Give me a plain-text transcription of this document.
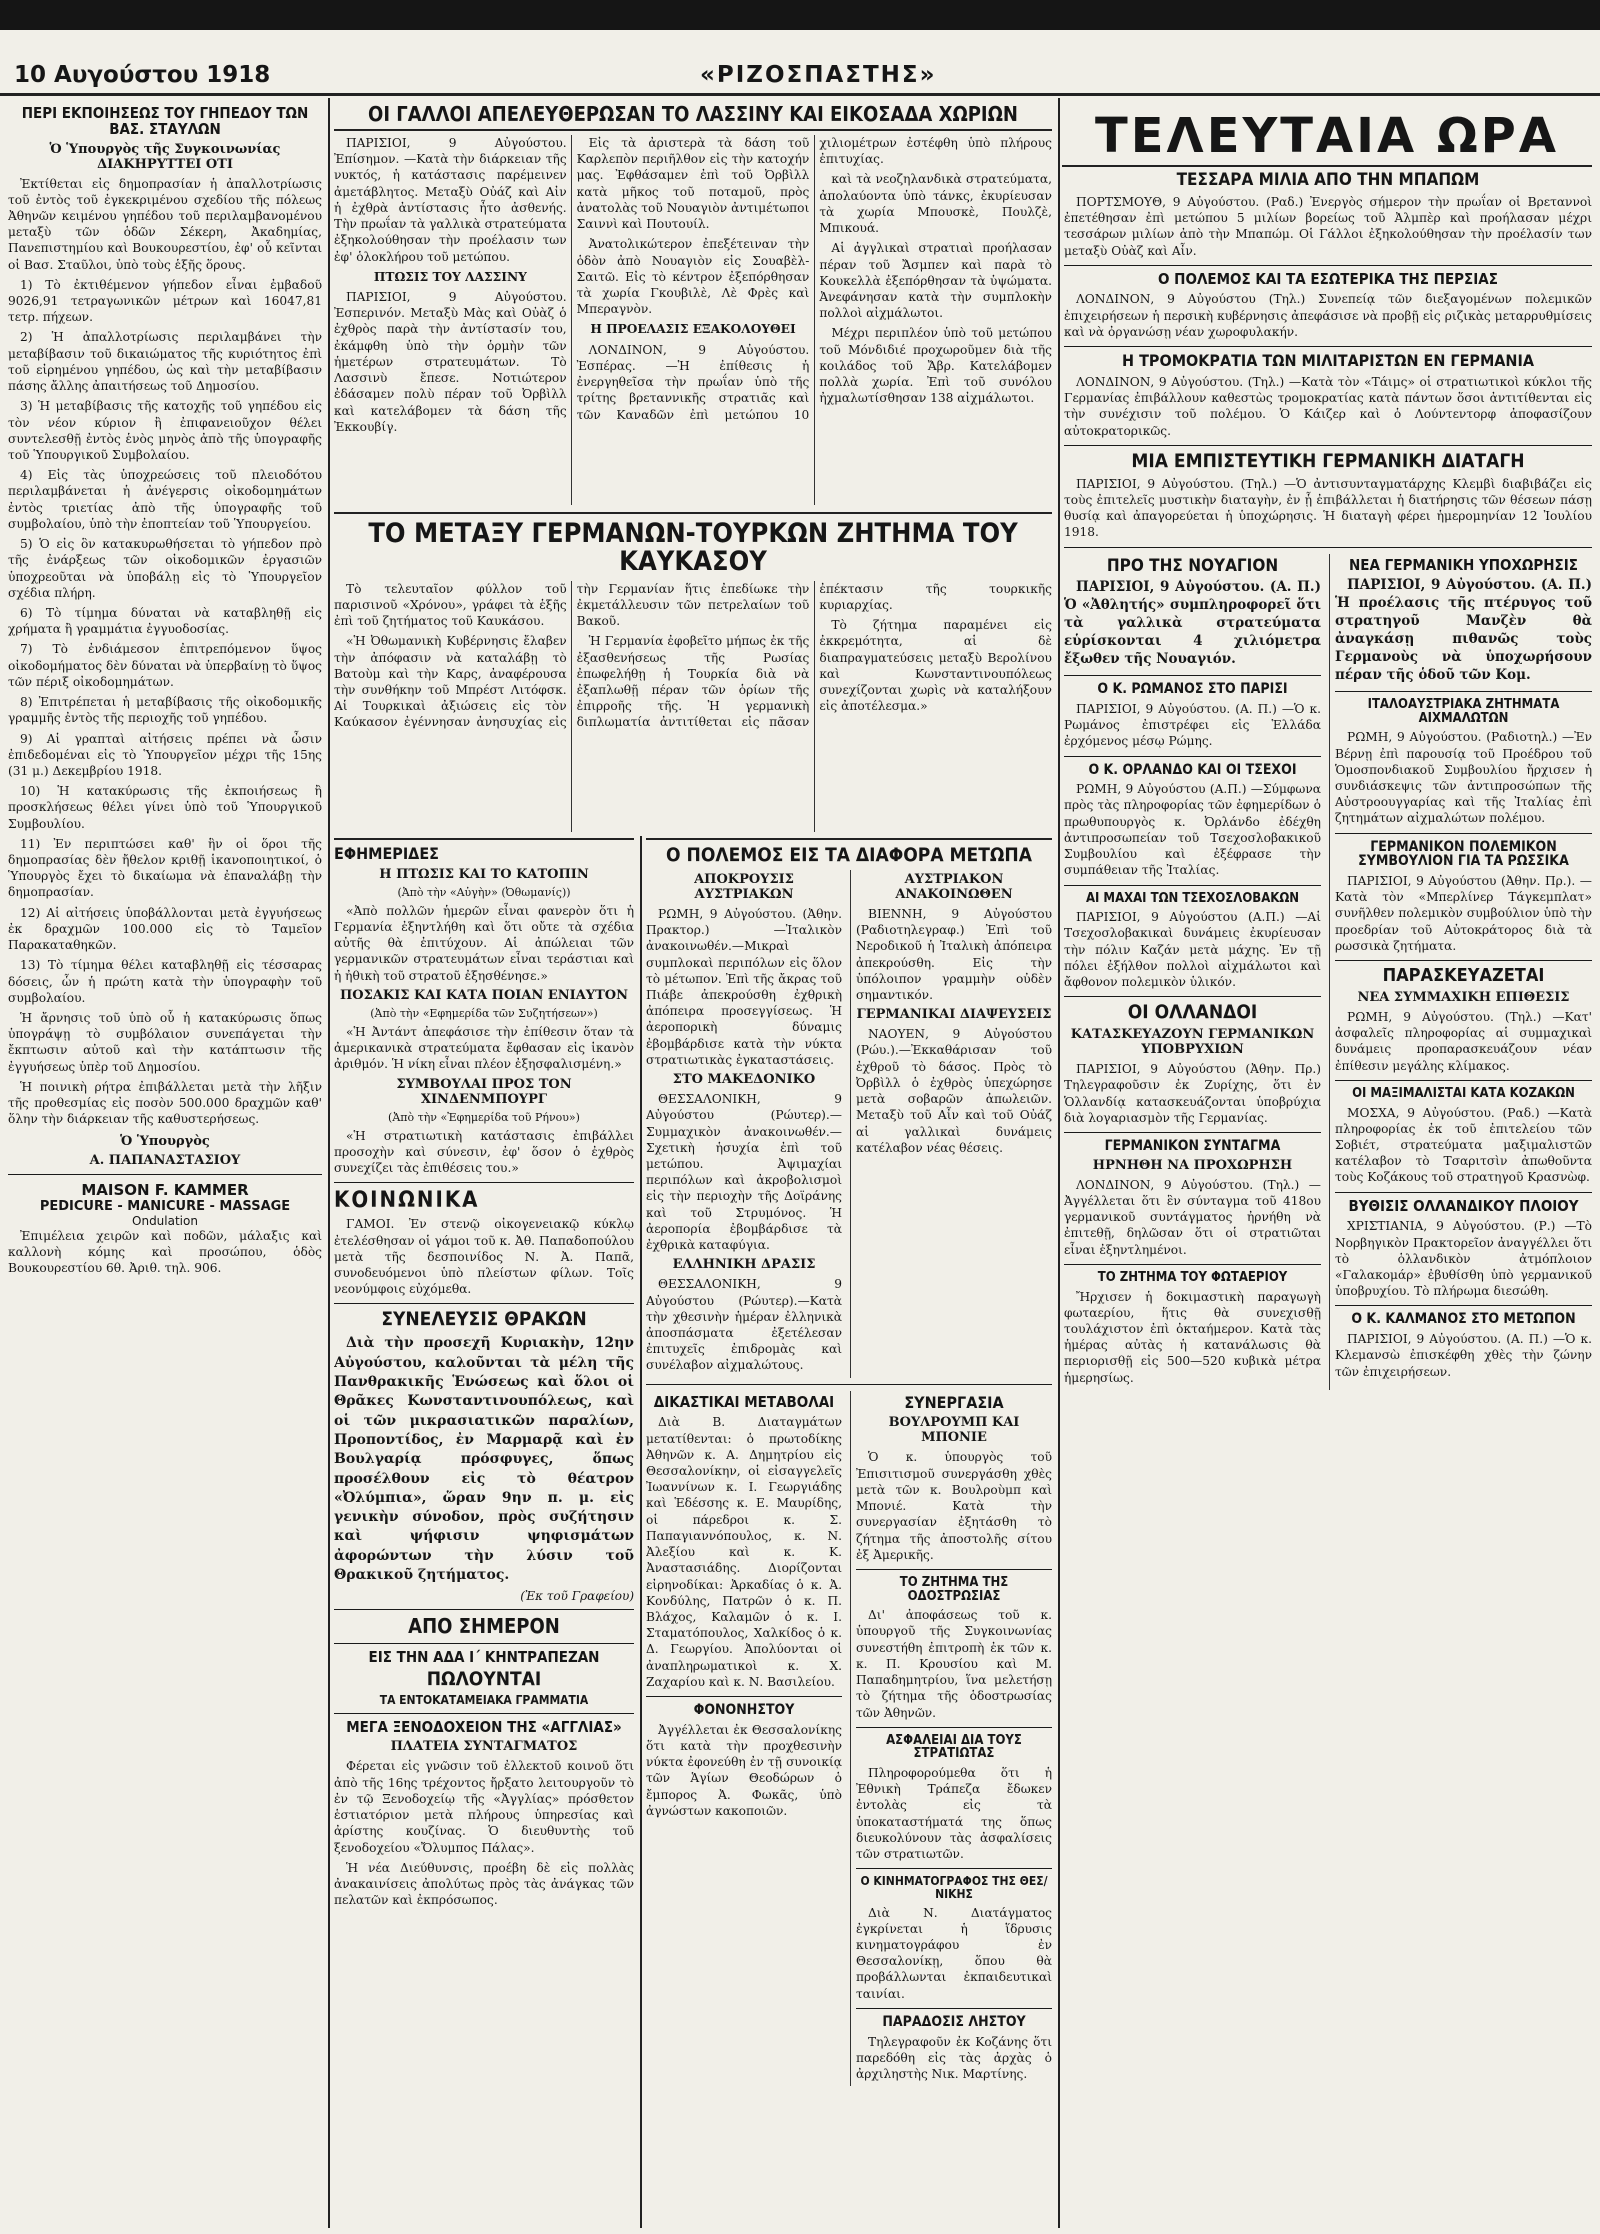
10 Αυγούστου 1918	«ΡΙΖΟΣΠΑΣΤΗΣ»
ΠΕΡΙ ΕΚΠΟΙΗΣΕΩΣ ΤΟΥ ΓΗΠΕΔΟΥ ΤΩΝ ΒΑΣ. ΣΤΑΥΛΩΝ
Ὁ Ὑπουργὸς τῆς Συγκοινωνίας ΔΙΑΚΗΡΥΤΤΕΙ ΟΤΙ

Ἐκτίθεται εἰς δημοπρασίαν ἡ ἀπαλλοτρίωσις τοῦ ἐντὸς τοῦ ἐγκεκριμένου σχεδίου τῆς πόλεως Ἀθηνῶν κειμένου γηπέδου τοῦ περιλαμβανομένου μεταξὺ τῶν ὁδῶν Σέκερη, Ἀκαδημίας, Πανεπιστημίου καὶ Βουκουρεστίου, ἐφ' οὗ κεῖνται οἱ Βασ. Σταῦλοι, ὑπὸ τοὺς ἑξῆς ὅρους.

1) Τὸ ἐκτιθέμενον γήπεδον εἶναι ἐμβαδοῦ 9026,91 τετραγωνικῶν μέτρων καὶ 16047,81 τετρ. πήχεων.

2) Ἡ ἀπαλλοτρίωσις περιλαμβάνει τὴν μεταβίβασιν τοῦ δικαιώματος τῆς κυριότητος ἐπὶ τοῦ εἰρημένου γηπέδου, ὡς καὶ τὴν μεταβίβασιν πάσης ἄλλης ἀπαιτήσεως τοῦ Δημοσίου.

3) Ἡ μεταβίβασις τῆς κατοχῆς τοῦ γηπέδου εἰς τὸν νέον κύριον ἢ ἐπιφανειοῦχον θέλει συντελεσθῇ ἐντὸς ἑνὸς μηνὸς ἀπὸ τῆς ὑπογραφῆς τοῦ Ὑπουργικοῦ Συμβολαίου.

4) Εἰς τὰς ὑποχρεώσεις τοῦ πλειοδότου περιλαμβάνεται ἡ ἀνέγερσις οἰκοδομημάτων ἐντὸς τριετίας ἀπὸ τῆς ὑπογραφῆς τοῦ συμβολαίου, ὑπὸ τὴν ἐποπτείαν τοῦ Ὑπουργείου.

5) Ὁ εἰς ὃν κατακυρωθήσεται τὸ γήπεδον πρὸ τῆς ἐνάρξεως τῶν οἰκοδομικῶν ἐργασιῶν ὑποχρεοῦται νὰ ὑποβάλῃ εἰς τὸ Ὑπουργεῖον σχέδια πλήρη.

6) Τὸ τίμημα δύναται νὰ καταβληθῇ εἰς χρήματα ἢ γραμμάτια ἐγγυοδοσίας.

7) Τὸ ἐνδιάμεσον ἐπιτρεπόμενον ὕψος οἰκοδομήματος δὲν δύναται νὰ ὑπερβαίνῃ τὸ ὕψος τῶν πέριξ οἰκοδομημάτων.

8) Ἐπιτρέπεται ἡ μεταβίβασις τῆς οἰκοδομικῆς γραμμῆς ἐντὸς τῆς περιοχῆς τοῦ γηπέδου.

9) Αἱ γραπταὶ αἰτήσεις πρέπει νὰ ὦσιν ἐπιδεδομέναι εἰς τὸ Ὑπουργεῖον μέχρι τῆς 15ης (31 μ.) Δεκεμβρίου 1918.

10) Ἡ κατακύρωσις τῆς ἐκποιήσεως ἢ προσκλήσεως θέλει γίνει ὑπὸ τοῦ Ὑπουργικοῦ Συμβουλίου.

11) Ἐν περιπτώσει καθ' ἣν οἱ ὅροι τῆς δημοπρασίας δὲν ἤθελον κριθῇ ἱκανοποιητικοί, ὁ Ὑπουργὸς ἔχει τὸ δικαίωμα νὰ ἐπαναλάβῃ τὴν δημοπρασίαν.

12) Αἱ αἰτήσεις ὑποβάλλονται μετὰ ἐγγυήσεως ἐκ δραχμῶν 100.000 εἰς τὸ Ταμεῖον Παρακαταθηκῶν.

13) Τὸ τίμημα θέλει καταβληθῇ εἰς τέσσαρας δόσεις, ὧν ἡ πρώτη κατὰ τὴν ὑπογραφὴν τοῦ συμβολαίου.

Ἡ ἄρνησις τοῦ ὑπὸ οὗ ἡ κατακύρωσις ὅπως ὑπογράψῃ τὸ συμβόλαιον συνεπάγεται τὴν ἔκπτωσιν αὐτοῦ καὶ τὴν κατάπτωσιν τῆς ἐγγυήσεως ὑπὲρ τοῦ Δημοσίου.

Ἡ ποινικὴ ρήτρα ἐπιβάλλεται μετὰ τὴν λῆξιν τῆς προθεσμίας εἰς ποσὸν 500.000 δραχμῶν καθ' ὅλην τὴν διάρκειαν τῆς καθυστερήσεως.

Ὁ Ὑπουργὸς
Α. ΠΑΠΑΝΑΣΤΑΣΙΟΥ
MAISON F. KAMMER
PEDICURE - MANICURE - MASSAGE
Ondulation

Ἐπιμέλεια χειρῶν καὶ ποδῶν, μάλαξις καὶ καλλονὴ κόμης καὶ προσώπου, ὁδὸς Βουκουρεστίου 6θ. Ἀριθ. τηλ. 906.

ΟΙ ΓΑΛΛΟΙ ΑΠΕΛΕΥΘΕΡΩΣΑΝ ΤΟ ΛΑΣΣΙΝΥ ΚΑΙ ΕΙΚΟΣΑΔΑ ΧΩΡΙΩΝ

ΠΑΡΙΣΙΟΙ, 9 Αὐγούστου. Ἐπίσημον. —Κατὰ τὴν διάρκειαν τῆς νυκτός, ἡ κατάστασις παρέμεινεν ἀμετάβλητος. Μεταξὺ Οὐάζ καὶ Αἰν ἡ ἐχθρὰ ἀντίστασις ἦτο ἀσθενής. Τὴν πρωΐαν τὰ γαλλικὰ στρατεύματα ἐξηκολούθησαν τὴν προέλασιν των ἐφ' ὁλοκλήρου τοῦ μετώπου.

ΠΤΩΣΙΣ ΤΟΥ ΛΑΣΣΙΝΥ

ΠΑΡΙΣΙΟΙ, 9 Αὐγούστου. Ἐσπερινόν. Μεταξὺ Μὰς καὶ Οὐὰζ ὁ ἐχθρὸς παρὰ τὴν ἀντίστασίν του, ἐκάμφθη ὑπὸ τὴν ὁρμὴν τῶν ἡμετέρων στρατευμάτων. Τὸ Λασσινὺ ἔπεσε. Νοτιώτερον ἐδάσαμεν πολὺ πέραν τοῦ Ὀρβὶλλ καὶ κατελάβομεν τὰ δάση τῆς Ἐκκουβίγ.

Εἰς τὰ ἀριστερὰ τὰ δάση τοῦ Καρλεπὸν περιῆλθον εἰς τὴν κατοχήν μας. Ἐφθάσαμεν ἐπὶ τοῦ Ὀρβὶλλ κατὰ μῆκος τοῦ ποταμοῦ, πρὸς ἀνατολὰς τοῦ Νουαγιὸν ἀντιμέτωποι Σαιννὶ καὶ Πουτουίλ.

Ἀνατολικώτερον ἐπεξέτειναν τὴν ὁδὸν ἀπὸ Νουαγιὸν εἰς Σουαβὲλ-Σαιτῶ. Εἰς τὸ κέντρον ἐξεπόρθησαν τὰ χωρία Γκουβιλὲ, Λὲ Φρὲς καὶ Μπεραγνὸν.

Η ΠΡΟΕΛΑΣΙΣ ΕΞΑΚΟΛΟΥΘΕΙ

ΛΟΝΔΙΝΟΝ, 9 Αὐγούστου. Ἐσπέρας. —Ἡ ἐπίθεσις ἡ ἐνεργηθεῖσα τὴν πρωΐαν ὑπὸ τῆς τρίτης βρεταννικῆς στρατιᾶς καὶ τῶν Καναδῶν ἐπὶ μετώπου 10 χιλιομέτρων ἐστέφθη ὑπὸ πλήρους ἐπιτυχίας.

καὶ τὰ νεοζηλανδικὰ στρατεύματα, ἀπολαύοντα ὑπὸ τάνκς, ἐκυρίευσαν τὰ χωρία Μπουσκὲ, Πουλζὲ, Μπικουά.

Αἱ ἀγγλικαὶ στρατιαὶ προήλασαν πέραν τοῦ Ἄσμπεν καὶ παρὰ τὸ Κουκελλὰ ἐξεπόρθησαν τὰ ὑψώματα. Ἀνεφάνησαν κατὰ τὴν συμπλοκὴν πολλοὶ αἰχμάλωτοι.

Μέχρι περιπλέον ὑπὸ τοῦ μετώπου τοῦ Μόνδιδιέ προχωροῦμεν διὰ τῆς κοιλάδος τοῦ Ἄβρ. Κατελάβομεν πολλὰ χωρία. Ἐπὶ τοῦ συνόλου ἠχμαλωτίσθησαν 138 αἰχμάλωτοι.

ΤΟ ΜΕΤΑΞΥ ΓΕΡΜΑΝΩΝ-ΤΟΥΡΚΩΝ ΖΗΤΗΜΑ ΤΟΥ ΚΑΥΚΑΣΟΥ

Τὸ τελευταῖον φύλλον τοῦ παρισινοῦ «Χρόνου», γράφει τὰ ἑξῆς ἐπὶ τοῦ ζητήματος τοῦ Καυκάσου.

«Ἡ Ὀθωμανικὴ Κυβέρνησις ἔλαβεν τὴν ἀπόφασιν νὰ καταλάβῃ τὸ Βατοὺμ καὶ τὴν Καρς, ἀναφέρουσα τὴν συνθήκην τοῦ Μπρέστ Λιτόφσκ. Αἱ Τουρκικαὶ ἀξιώσεις εἰς τὸν Καύκασον ἐγέννησαν ἀνησυχίας εἰς τὴν Γερμανίαν ἥτις ἐπεδίωκε τὴν ἐκμετάλλευσιν τῶν πετρελαίων τοῦ Βακοῦ.

Ἡ Γερμανία ἐφοβεῖτο μήπως ἐκ τῆς ἐξασθενήσεως τῆς Ρωσίας ἐπωφελήθῃ ἡ Τουρκία διὰ νὰ ἐξαπλωθῇ πέραν τῶν ὁρίων τῆς ἐπιρροῆς τῆς. Ἡ γερμανικὴ διπλωματία ἀντιτίθεται εἰς πᾶσαν ἐπέκτασιν τῆς τουρκικῆς κυριαρχίας.

Τὸ ζήτημα παραμένει εἰς ἐκκρεμότητα, αἱ δὲ διαπραγματεύσεις μεταξὺ Βερολίνου καὶ Κωνσταντινουπόλεως συνεχίζονται χωρὶς νὰ καταλήξουν εἰς ἀποτέλεσμα.»

ΕΦΗΜΕΡΙΔΕΣ
Η ΠΤΩΣΙΣ ΚΑΙ ΤΟ ΚΑΤΟΠΙΝ
(Ἀπὸ τὴν «Αὐγὴν» (Ὀθωμανίς))

«Ἀπὸ πολλῶν ἡμερῶν εἶναι φανερὸν ὅτι ἡ Γερμανία ἐξηντλήθη καὶ ὅτι οὔτε τὰ σχέδια αὐτῆς θὰ ἐπιτύχουν. Αἱ ἀπώλειαι τῶν γερμανικῶν στρατευμάτων εἶναι τεράστιαι καὶ ἡ ἠθικὴ τοῦ στρατοῦ ἐξησθένησε.»

ΠΟΣΑΚΙΣ ΚΑΙ ΚΑΤΑ ΠΟΙΑΝ ΕΝΙΑΥΤΟΝ
(Ἀπὸ τὴν «Εφημερίδα τῶν Συζητήσεων»)

«Ἡ Ἀντάντ ἀπεφάσισε τὴν ἐπίθεσιν ὅταν τὰ ἀμερικανικὰ στρατεύματα ἔφθασαν εἰς ἱκανὸν ἀριθμόν. Ἡ νίκη εἶναι πλέον ἐξησφαλισμένη.»

ΣΥΜΒΟΥΛΑΙ ΠΡΟΣ ΤΟΝ ΧΙΝΔΕΝΜΠΟΥΡΓ
(Ἀπὸ τὴν «Ἐφημερίδα τοῦ Ρήνου»)

«Ἡ στρατιωτικὴ κατάστασις ἐπιβάλλει προσοχὴν καὶ σύνεσιν, ἐφ' ὅσον ὁ ἐχθρὸς συνεχίζει τὰς ἐπιθέσεις του.»

ΚΟΙΝΩΝΙΚΑ

ΓΑΜΟΙ. Ἐν στενῷ οἰκογενειακῷ κύκλῳ ἐτελέσθησαν οἱ γάμοι τοῦ κ. Ἀθ. Παπαδοπούλου μετὰ τῆς δεσποινίδος Ν. Ἀ. Παπᾶ, συνοδευόμενοι ὑπὸ πλείστων φίλων. Τοῖς νεονύμφοις εὐχόμεθα.

ΣΥΝΕΛΕΥΣΙΣ ΘΡΑΚΩΝ

Διὰ τὴν προσεχῆ Κυριακὴν, 12ην Αὐγούστου, καλοῦνται τὰ μέλη τῆς Πανθρακικῆς Ἑνώσεως καὶ ὅλοι οἱ Θρᾶκες Κωνσταντινουπόλεως, καὶ οἱ τῶν μικρασιατικῶν παραλίων, Προποντίδος, ἐν Μαρμαρᾷ καὶ ἐν Βουλγαρίᾳ πρόσφυγες, ὅπως προσέλθουν εἰς τὸ θέατρον «Ὀλύμπια», ὥραν 9ην π. μ. εἰς γενικὴν σύνοδον, πρὸς συζήτησιν καὶ ψήφισιν ψηφισμάτων ἀφορώντων τὴν λύσιν τοῦ Θρακικοῦ ζητήματος.

(Ἐκ τοῦ Γραφείου)
ΑΠΟ ΣΗΜΕΡΟΝ
ΕΙΣ ΤΗΝ ΑΔΑ Ι΄ ΚΗΝΤΡΑΠΕΖΑΝ
ΠΩΛΟΥΝΤΑΙ
ΤΑ ΕΝΤΟΚΑΤΑΜΕΙΑΚΑ ΓΡΑΜΜΑΤΙΑ
ΜΕΓΑ ΞΕΝΟΔΟΧΕΙΟΝ ΤΗΣ «ΑΓΓΛΙΑΣ»
ΠΛΑΤΕΙΑ ΣΥΝΤΑΓΜΑΤΟΣ

Φέρεται εἰς γνῶσιν τοῦ ἐλλεκτοῦ κοινοῦ ὅτι ἀπὸ τῆς 16ης τρέχοντος ἤρξατο λειτουργοῦν τὸ ἐν τῷ Ξενοδοχείῳ τῆς «Ἀγγλίας» πρόσθετον ἑστιατόριον μετὰ πλήρους ὑπηρεσίας καὶ ἀρίστης κουζίνας. Ὁ διευθυντὴς τοῦ ξενοδοχείου «Ὄλυμπος Πάλας».

Ἡ νέα Διεύθυνσις, προέβη δὲ εἰς πολλὰς ἀνακαινίσεις ἀπολύτως πρὸς τὰς ἀνάγκας τῶν πελατῶν καὶ ἐκπρόσωπος.

Ο ΠΟΛΕΜΟΣ ΕΙΣ ΤΑ ΔΙΑΦΟΡΑ ΜΕΤΩΠΑ
ΑΠΟΚΡΟΥΣΙΣ ΑΥΣΤΡΙΑΚΩΝ

ΡΩΜΗ, 9 Αὐγούστου. (Ἀθην. Πρακτορ.) —Ἰταλικὸν ἀνακοινωθέν.—Μικραὶ συμπλοκαὶ περιπόλων εἰς ὅλον τὸ μέτωπον. Ἐπὶ τῆς ἄκρας τοῦ Πιάβε ἀπεκρούσθη ἐχθρικὴ ἀπόπειρα προσεγγίσεως. Ἡ ἀεροπορικὴ δύναμις ἐβομβάρδισε κατὰ τὴν νύκτα στρατιωτικὰς ἐγκαταστάσεις.

ΣΤΟ ΜΑΚΕΔΟΝΙΚΟ

ΘΕΣΣΑΛΟΝΙΚΗ, 9 Αὐγούστου (Ρώυτερ).—Συμμαχικὸν ἀνακοινωθέν.—Σχετικὴ ἡσυχία ἐπὶ τοῦ μετώπου. Ἀψιμαχίαι περιπόλων καὶ ἀκροβολισμοὶ εἰς τὴν περιοχὴν τῆς Δοϊράνης καὶ τοῦ Στρυμόνος. Ἡ ἀεροπορία ἐβομβάρδισε τὰ ἐχθρικὰ καταφύγια.

ΕΛΛΗΝΙΚΗ ΔΡΑΣΙΣ

ΘΕΣΣΑΛΟΝΙΚΗ, 9 Αὐγούστου (Ρώυτερ).—Κατὰ τὴν χθεσινὴν ἡμέραν ἐλληνικὰ ἀποσπάσματα ἐξετέλεσαν ἐπιτυχεῖς ἐπιδρομὰς καὶ συνέλαβον αἰχμαλώτους.

ΑΥΣΤΡΙΑΚΟΝ ΑΝΑΚΟΙΝΩΘΕΝ

ΒΙΕΝΝΗ, 9 Αὐγούστου (Ραδιοτηλεγραφ.) Ἐπὶ τοῦ Νεροδικοῦ ἡ Ἰταλικὴ ἀπόπειρα ἀπεκρούσθη. Εἰς τὴν ὑπόλοιπον γραμμὴν οὐδὲν σημαντικόν.

ΓΕΡΜΑΝΙΚΑΙ ΔΙΑΨΕΥΣΕΙΣ

ΝΑΟΥΕΝ, 9 Αὐγούστου (Ρώυ.).—Ἐκκαθάρισαν τοῦ ἐχθροῦ τὸ δάσος. Πρὸς τὸ Ὀρβὶλλ ὁ ἐχθρὸς ὑπεχώρησε μετὰ σοβαρῶν ἀπωλειῶν. Μεταξὺ τοῦ Αἶν καὶ τοῦ Οὐάζ αἱ γαλλικαὶ δυνάμεις κατέλαβον νέας θέσεις.

ΔΙΚΑΣΤΙΚΑΙ ΜΕΤΑΒΟΛΑΙ

Διὰ Β. Διαταγμάτων μετατίθενται: ὁ πρωτοδίκης Ἀθηνῶν κ. Α. Δημητρίου εἰς Θεσσαλονίκην, οἱ εἰσαγγελεῖς Ἰωαννίνων κ. Ι. Γεωργιάδης καὶ Ἑδέσσης κ. Ε. Μαυρίδης, οἱ πάρεδροι κ. Σ. Παπαγιαννόπουλος, κ. Ν. Ἀλεξίου καὶ κ. Κ. Ἀναστασιάδης. Διορίζονται εἰρηνοδίκαι: Ἀρκαδίας ὁ κ. Ἀ. Κονδύλης, Πατρῶν ὁ κ. Π. Βλάχος, Καλαμῶν ὁ κ. Ι. Σταματόπουλος, Χαλκίδος ὁ κ. Δ. Γεωργίου. Ἀπολύονται οἱ ἀναπληρωματικοὶ κ. Χ. Ζαχαρίου καὶ κ. Ν. Βασιλείου.

ΦΟΝΟΝΗΣΤΟΥ

Ἀγγέλλεται ἐκ Θεσσαλονίκης ὅτι κατὰ τὴν προχθεσινὴν νύκτα ἐφονεύθη ἐν τῇ συνοικίᾳ τῶν Ἁγίων Θεοδώρων ὁ ἔμπορος Ἀ. Φωκᾶς, ὑπὸ ἀγνώστων κακοποιῶν.

ΣΥΝΕΡΓΑΣΙΑ
ΒΟΥΛΡΟΥΜΠ ΚΑΙ ΜΠΟΝΙΕ

Ὁ κ. ὑπουργὸς τοῦ Ἐπισιτισμοῦ συνεργάσθη χθὲς μετὰ τῶν κ. Βουλροὺμπ καὶ Μπονιέ. Κατὰ τὴν συνεργασίαν ἐξητάσθη τὸ ζήτημα τῆς ἀποστολῆς σίτου ἐξ Ἀμερικῆς.

ΤΟ ΖΗΤΗΜΑ ΤΗΣ ΟΔΟΣΤΡΩΣΙΑΣ

Δι' ἀποφάσεως τοῦ κ. ὑπουργοῦ τῆς Συγκοινωνίας συνεστήθη ἐπιτροπὴ ἐκ τῶν κ. κ. Π. Κρουσίου καὶ Μ. Παπαδημητρίου, ἵνα μελετήσῃ τὸ ζήτημα τῆς ὁδοστρωσίας τῶν Ἀθηνῶν.

ΑΣΦΑΛΕΙΑΙ ΔΙΑ ΤΟΥΣ ΣΤΡΑΤΙΩΤΑΣ

Πληροφορούμεθα ὅτι ἡ Ἐθνικὴ Τράπεζα ἔδωκεν ἐντολὰς εἰς τὰ ὑποκαταστήματά της ὅπως διευκολύνουν τὰς ἀσφαλίσεις τῶν στρατιωτῶν.

Ο ΚΙΝΗΜΑΤΟΓΡΑΦΟΣ ΤΗΣ ΘΕΣ/ΝΙΚΗΣ

Διὰ Ν. Διατάγματος ἐγκρίνεται ἡ ἵδρυσις κινηματογράφου ἐν Θεσσαλονίκῃ, ὅπου θὰ προβάλλωνται ἐκπαιδευτικαὶ ταινίαι.

ΠΑΡΑΔΟΣΙΣ ΛΗΣΤΟΥ

Τηλεγραφοῦν ἐκ Κοζάνης ὅτι παρεδόθη εἰς τὰς ἀρχὰς ὁ ἀρχιληστὴς Νικ. Μαρτίνης.

ΤΕΛΕΥΤΑΙΑ ΩΡΑ
ΤΕΣΣΑΡΑ ΜΙΛΙΑ ΑΠΟ ΤΗΝ ΜΠΑΠΩΜ

ΠΟΡΤΣΜΟΥΘ, 9 Αὐγούστου. (Ραδ.) Ἐνεργὸς σήμερον τὴν πρωΐαν οἱ Βρεταννοὶ ἐπετέθησαν ἐπὶ μετώπου 5 μιλίων βορείως τοῦ Ἀλμπὲρ καὶ προήλασαν μέχρι τεσσάρων μιλίων ἀπὸ τὴν Μπαπώμ. Οἱ Γάλλοι ἐξηκολούθησαν τὴν προέλασίν των μεταξὺ Οὐὰζ καὶ Αἶν.

Ο ΠΟΛΕΜΟΣ ΚΑΙ ΤΑ ΕΣΩΤΕΡΙΚΑ ΤΗΣ ΠΕΡΣΙΑΣ

ΛΟΝΔΙΝΟΝ, 9 Αὐγούστου (Τηλ.) Συνεπείᾳ τῶν διεξαγομένων πολεμικῶν ἐπιχειρήσεων ἡ περσικὴ κυβέρνησις ἀπεφάσισε νὰ προβῇ εἰς ριζικὰς μεταρρυθμίσεις καὶ νὰ ὀργανώσῃ νέαν χωροφυλακήν.

Η ΤΡΟΜΟΚΡΑΤΙΑ ΤΩΝ ΜΙΛΙΤΑΡΙΣΤΩΝ ΕΝ ΓΕΡΜΑΝΙΑ

ΛΟΝΔΙΝΟΝ, 9 Αὐγούστου. (Τηλ.) —Κατὰ τὸν «Τάιμς» οἱ στρατιωτικοὶ κύκλοι τῆς Γερμανίας ἐπιβάλλουν καθεστὼς τρομοκρατίας κατὰ πάντων ὅσοι ἀντιτίθενται εἰς τὴν συνέχισιν τοῦ πολέμου. Ὁ Κάιζερ καὶ ὁ Λούντεντορφ ἀποφασίζουν αὐτοκρατορικῶς.

ΜΙΑ ΕΜΠΙΣΤΕΥΤΙΚΗ ΓΕΡΜΑΝΙΚΗ ΔΙΑΤΑΓΗ

ΠΑΡΙΣΙΟΙ, 9 Αὐγούστου. (Τηλ.) —Ὁ ἀντισυνταγματάρχης Κλεμβὶ διαβιβάζει εἰς τοὺς ἐπιτελεῖς μυστικὴν διαταγὴν, ἐν ᾗ ἐπιβάλλεται ἡ διατήρησις τῶν θέσεων πάσῃ θυσίᾳ καὶ ἀπαγορεύεται ἡ ὑποχώρησις. Ἡ διαταγὴ φέρει ἡμερομηνίαν 12 Ἰουλίου 1918.

ΠΡΟ ΤΗΣ ΝΟΥΑΓΙΟΝ

ΠΑΡΙΣΙΟΙ, 9 Αὐγούστου. (Α. Π.) Ὁ «Ἀθλητής» συμπληροφορεῖ ὅτι τὰ γαλλικὰ στρατεύματα εὑρίσκονται 4 χιλιόμετρα ἔξωθεν τῆς Νουαγιόν.

Ο Κ. ΡΩΜΑΝΟΣ ΣΤΟ ΠΑΡΙΣΙ

ΠΑΡΙΣΙΟΙ, 9 Αὐγούστου. (Α. Π.) —Ὁ κ. Ρωμάνος ἐπιστρέφει εἰς Ἑλλάδα ἐρχόμενος μέσῳ Ρώμης.

Ο Κ. ΟΡΛΑΝΔΟ ΚΑΙ ΟΙ ΤΣΕΧΟΙ

ΡΩΜΗ, 9 Αὐγούστου (Α.Π.) —Σύμφωνα πρὸς τὰς πληροφορίας τῶν ἐφημερίδων ὁ πρωθυπουργὸς κ. Ὀρλάνδο ἐδέχθη ἀντιπροσωπείαν τοῦ Τσεχοσλοβακικοῦ Συμβουλίου καὶ ἐξέφρασε τὴν συμπάθειαν τῆς Ἰταλίας.

ΑΙ ΜΑΧΑΙ ΤΩΝ ΤΣΕΧΟΣΛΟΒΑΚΩΝ

ΠΑΡΙΣΙΟΙ, 9 Αὐγούστου (Α.Π.) —Αἱ Τσεχοσλοβακικαὶ δυνάμεις ἐκυρίευσαν τὴν πόλιν Καζάν μετὰ μάχης. Ἐν τῇ πόλει ἐξήλθον πολλοὶ αἰχμάλωτοι καὶ ἄφθονον πολεμικὸν ὑλικόν.

ΟΙ ΟΛΛΑΝΔΟΙ
ΚΑΤΑΣΚΕΥΑΖΟΥΝ ΓΕΡΜΑΝΙΚΩΝ ΥΠΟΒΡΥΧΙΩΝ

ΠΑΡΙΣΙΟΙ, 9 Αὐγούστου (Ἀθην. Πρ.) Τηλεγραφοῦσιν ἐκ Ζυρίχης, ὅτι ἐν Ὁλλανδίᾳ κατασκευάζονται ὑποβρύχια διὰ λογαριασμὸν τῆς Γερμανίας.

ΓΕΡΜΑΝΙΚΟΝ ΣΥΝΤΑΓΜΑ
ΗΡΝΗΘΗ ΝΑ ΠΡΟΧΩΡΗΣΗ

ΛΟΝΔΙΝΟΝ, 9 Αὐγούστου. (Τηλ.) —Ἀγγέλλεται ὅτι ἓν σύνταγμα τοῦ 418ου γερμανικοῦ συντάγματος ἠρνήθη νὰ ἐπιτεθῇ, δηλῶσαν ὅτι οἱ στρατιῶται εἶναι ἐξηντλημένοι.

ΤΟ ΖΗΤΗΜΑ ΤΟΥ ΦΩΤΑΕΡΙΟΥ

Ἤρχισεν ἡ δοκιμαστικὴ παραγωγὴ φωταερίου, ἥτις θὰ συνεχισθῇ τουλάχιστον ἐπὶ ὀκταήμερον. Κατὰ τὰς ἡμέρας αὐτὰς ἡ κατανάλωσις θὰ περιορισθῇ εἰς 500—520 κυβικὰ μέτρα ἡμερησίως.

ΝΕΑ ΓΕΡΜΑΝΙΚΗ ΥΠΟΧΩΡΗΣΙΣ

ΠΑΡΙΣΙΟΙ, 9 Αὐγούστου. (Α. Π.) Ἡ προέλασις τῆς πτέρυγος τοῦ στρατηγοῦ Μανζὲν θὰ ἀναγκάσῃ πιθανῶς τοὺς Γερμανοὺς νὰ ὑποχωρήσουν πέραν τῆς ὁδοῦ τῶν Κομ.

ΙΤΑΛΟΑΥΣΤΡΙΑΚΑ ΖΗΤΗΜΑΤΑ ΑΙΧΜΑΛΩΤΩΝ

ΡΩΜΗ, 9 Αὐγούστου. (Ραδιοτηλ.) —Ἐν Βέρνῃ ἐπὶ παρουσίᾳ τοῦ Προέδρου τοῦ Ὁμοσπονδιακοῦ Συμβουλίου ἤρχισεν ἡ συνδιάσκεψις τῶν ἀντιπροσώπων τῆς Αὐστροουγγαρίας καὶ τῆς Ἰταλίας ἐπὶ ζητημάτων αἰχμαλώτων πολέμου.

ΓΕΡΜΑΝΙΚΟΝ ΠΟΛΕΜΙΚΟΝ ΣΥΜΒΟΥΛΙΟΝ ΓΙΑ ΤΑ ΡΩΣΣΙΚΑ

ΠΑΡΙΣΙΟΙ, 9 Αὐγούστου (Ἀθην. Πρ.). —Κατὰ τὸν «Μπερλίνερ Τάγκεμπλατ» συνῆλθεν πολεμικὸν συμβούλιον ὑπὸ τὴν προεδρίαν τοῦ Αὐτοκράτορος διὰ τὰ ρωσσικὰ ζητήματα.

ΠΑΡΑΣΚΕΥΑΖΕΤΑΙ
ΝΕΑ ΣΥΜΜΑΧΙΚΗ ΕΠΙΘΕΣΙΣ

ΡΩΜΗ, 9 Αὐγούστου. (Τηλ.) —Κατ' ἀσφαλεῖς πληροφορίας αἱ συμμαχικαὶ δυνάμεις προπαρασκευάζουν νέαν ἐπίθεσιν μεγάλης κλίμακος.

ΟΙ ΜΑΞΙΜΑΛΙΣΤΑΙ ΚΑΤΑ ΚΟΖΑΚΩΝ

ΜΟΣΧΑ, 9 Αὐγούστου. (Ραδ.) —Κατὰ πληροφορίας ἐκ τοῦ ἐπιτελείου τῶν Σοβιέτ, στρατεύματα μαξιμαλιστῶν κατέλαβον τὸ Τσαριτσὶν ἀπωθοῦντα τοὺς Κοζάκους τοῦ στρατηγοῦ Κρασνὼφ.

ΒΥΘΙΣΙΣ ΟΛΛΑΝΔΙΚΟΥ ΠΛΟΙΟΥ

ΧΡΙΣΤΙΑΝΙΑ, 9 Αὐγούστου. (Ρ.) —Τὸ Νορβηγικὸν Πρακτορεῖον ἀναγγέλλει ὅτι τὸ ὁλλανδικὸν ἀτμόπλοιον «Γαλακομάρ» ἐβυθίσθη ὑπὸ γερμανικοῦ ὑποβρυχίου. Τὸ πλήρωμα διεσώθη.

Ο Κ. ΚΑΛΜΑΝΟΣ ΣΤΟ ΜΕΤΩΠΟΝ

ΠΑΡΙΣΙΟΙ, 9 Αὐγούστου. (Α. Π.) —Ὁ κ. Κλεμανσὼ ἐπισκέφθη χθὲς τὴν ζώνην τῶν ἐπιχειρήσεων.
